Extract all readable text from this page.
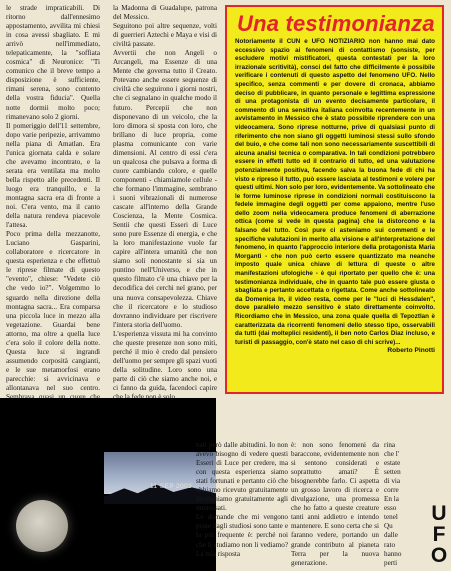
le strade impraticabili. Di ritorno dall'ennesimo appostamento, avvilita mi chiesi in cosa avessi sbagliato. E mi arrivò nell'immediato, telepaticamente, la "soffiata cosmica" di Neuronice: "Ti comunico che il breve tempo a disposizione è sufficiente, rimani serena, sono contento della vostra fiducia". Quella notte dormii molto poco; rimanevano solo 2 giorni.
Il pomeriggio dell'11 settembre, dopo varie peripezie, arrivammo nella piana di Amatlan. Era l'unica giornata calda e solare che avevamo incontrato, e la serata era ventilata ma molto bella rispetto alle precedenti. Il luogo era tranquillo, e la montagna sacra era di fronte a noi. C'era vento, ma il canto della natura rendeva piacevole l'attesa.
Poco prima della mezzanotte, Luciano Gasparini, collaboratore e ricercatore in questa esperienza e che effettuò le riprese filmate di questo "evento", chiese: "Vedete ciò che vedo io?". Volgemmo lo sguardo nella direzione della montagna sacra... Era comparsa una piccola luce in mezzo alla vegetazione. Guardai bene attorno, ma oltre a quella luce c'era solo il colore della notte. Questa luce si ingrandì assumendo corposità cangianti, e le sue metamorfosi erano parecchie: si avvicinava e allontanava nel suo centro.

la Madonna di Guadalupe, patrona del Messico.
Seguitono poi altre sequenze, volti di guerrieri Aztechi e Maya e visi di civiltà passate.
Avvertii che non Angeli o Arcangeli, ma Essenze di una Mente che governa tutto il Creato. Potevano anche essere sequenze di civiltà che seguirono i giorni nostri, che ci segnalano in qualche modo il futuro. Percepii che non disponevano di un veicolo, che la loro dimora si sposta con loro, che brillano di luce propria, come plasma comunicante con varie dimensioni. Al centro di essi c'era un qualcosa che pulsava a forma di cuore cambiando colore, e quelle componenti - chiamiamole cellule - che formano l'immagine, sembrano i suoni vibrazionali di numerose cascate all'interno della Grande Coscienza, la Mente Cosmica. Sentii che questi Esseri di Luce sono pure Essenze di energia, e che la loro manifestazione vuole far capire all'intera umanità che non siamo soli nonostante si sia un puntino nell'Universo, e che in questo filmato c'è una chiave per la decodifica dei cerchi nel grano, per una nuova consapevolezza. Chiave che il ricercatore e lo studioso dovranno individuare per riscrivere l'intera storia dell'uomo.
L'esperienza vissuta mi ha convinto che queste presenze non sono miti, perché il mio è credo dal pensiero dell'uomo per sempre gli spazi vuoti della solitudine. Loro sono una parte di ciò che siamo anche noi, e ci fanno da guida, facendoci capire

Una testimonianza

Notoriamente il CUN e UFO NOTIZIARIO non hanno mai dato eccessivo spazio ai fenomeni di contattismo (sonsiste, per escludere motivi mistificatori, questa contestati per la loro irrazionale scritività), consci del fatto che difficilmente è possibile verificare i contenuti di questo aspetto del fenomeno UFO. Nello specifico, senza commenti e per dovere di cronaca, abbiamo deciso di pubblicare, in quanto personale e legittima espressione di una protagonista di un evento decisamente particolare, il commento di una sensitiva italiana coinvolta recentemente in un avvistamento in Messico che è stato possibile riprendere con una videocamera. Sono riprese notturne, prive di qualsiasi punto di riferimento che non siano gli oggetti luminosi stessi sullo sfondo del buio, e che come tali non sono necessariamente suscettibili di alcuna analisi tecnica o comparativa. In tali condizioni potrebbero essere in effetti tutto ed il contrario di tutto, ed una valutazione potenzialmente positiva, facendo salva la buona fede di chi ha visto e ripreso il tutto, può essere lasciata al testimoni e volere per questi ultimi. Non solo per loro, evidentemente. Va sottolineato che le forme luminose riprese in condizioni normali costituiscono la fedele immagine degli oggetti per come appaiono, mentre l'uso dello zoom nella videocamera produce fenomeni di aberrazione ottica (come si vede in questa pagina) che la distorcono e la falsano del tutto. Così pure ci asteniamo sui commenti e le specifiche valutazioni in merito alla visione e all'interpretazione del fenomeno, in quanto l'approccio interiore della protagonista Maria Morganti - che non può certo essere quantizzato ma neanche imposto quale unica chiave di lettura di queste o altre manifestazioni ufologiche - è qui riportato per quello che è: una testimonianza individuale, che in quanto tale può essere giusta o sbagliata e pertanto accettata o rigettata. Come anche sottolineato da Domenica In, il video resta, come per le "luci di Hessdalen", dove parallelo mezzo sensitivo è stato direttamente coinvolto. Ricordiamo che in Messico, una zona quale quella di Tepoztlan è caratterizzata da ricorrenti fenomeni dello stesso tipo, osservabili da tutti (dai molteplici residenti), il ben noto Carlos Diaz incluso, e turisti di passaggio, con'è stato nel caso di chi scrive)...

Roberto Pinotti

11 SEP 2003

nati però dalle abitudini. Io non avevo bisogno di vedere questi Esseri di Luce per credere, ma con questa esperienza siamo stati fortunati e pertanto ciò che abbiamo ricevuto gratuitamente divulghiamo gratuitamente agli interessati.
Le domande che mi vengono poste dagli studiosi sono tante e la più frequente è: perché noi che li studiamo non li vediamo? La mia risposta

è: non sono fenomeni da baraccone, evidentemente non si sentono considerati e soprattutto amati? È bisognerebbe farlo. Ci aspetta un grosso lavoro di ricerca e divulgazione, una promessa che ho fatto a queste creature tanti anni addietro e intendo mantenere. E sono certa che si faranno vedere, portando un grande contributo al pianeta Terra per la nuova generazione.

rina
che l'
estate
setten
di via
corre
En la
esso
tenel
Qu
dalle
rato
hanno
perti

U
F
O
